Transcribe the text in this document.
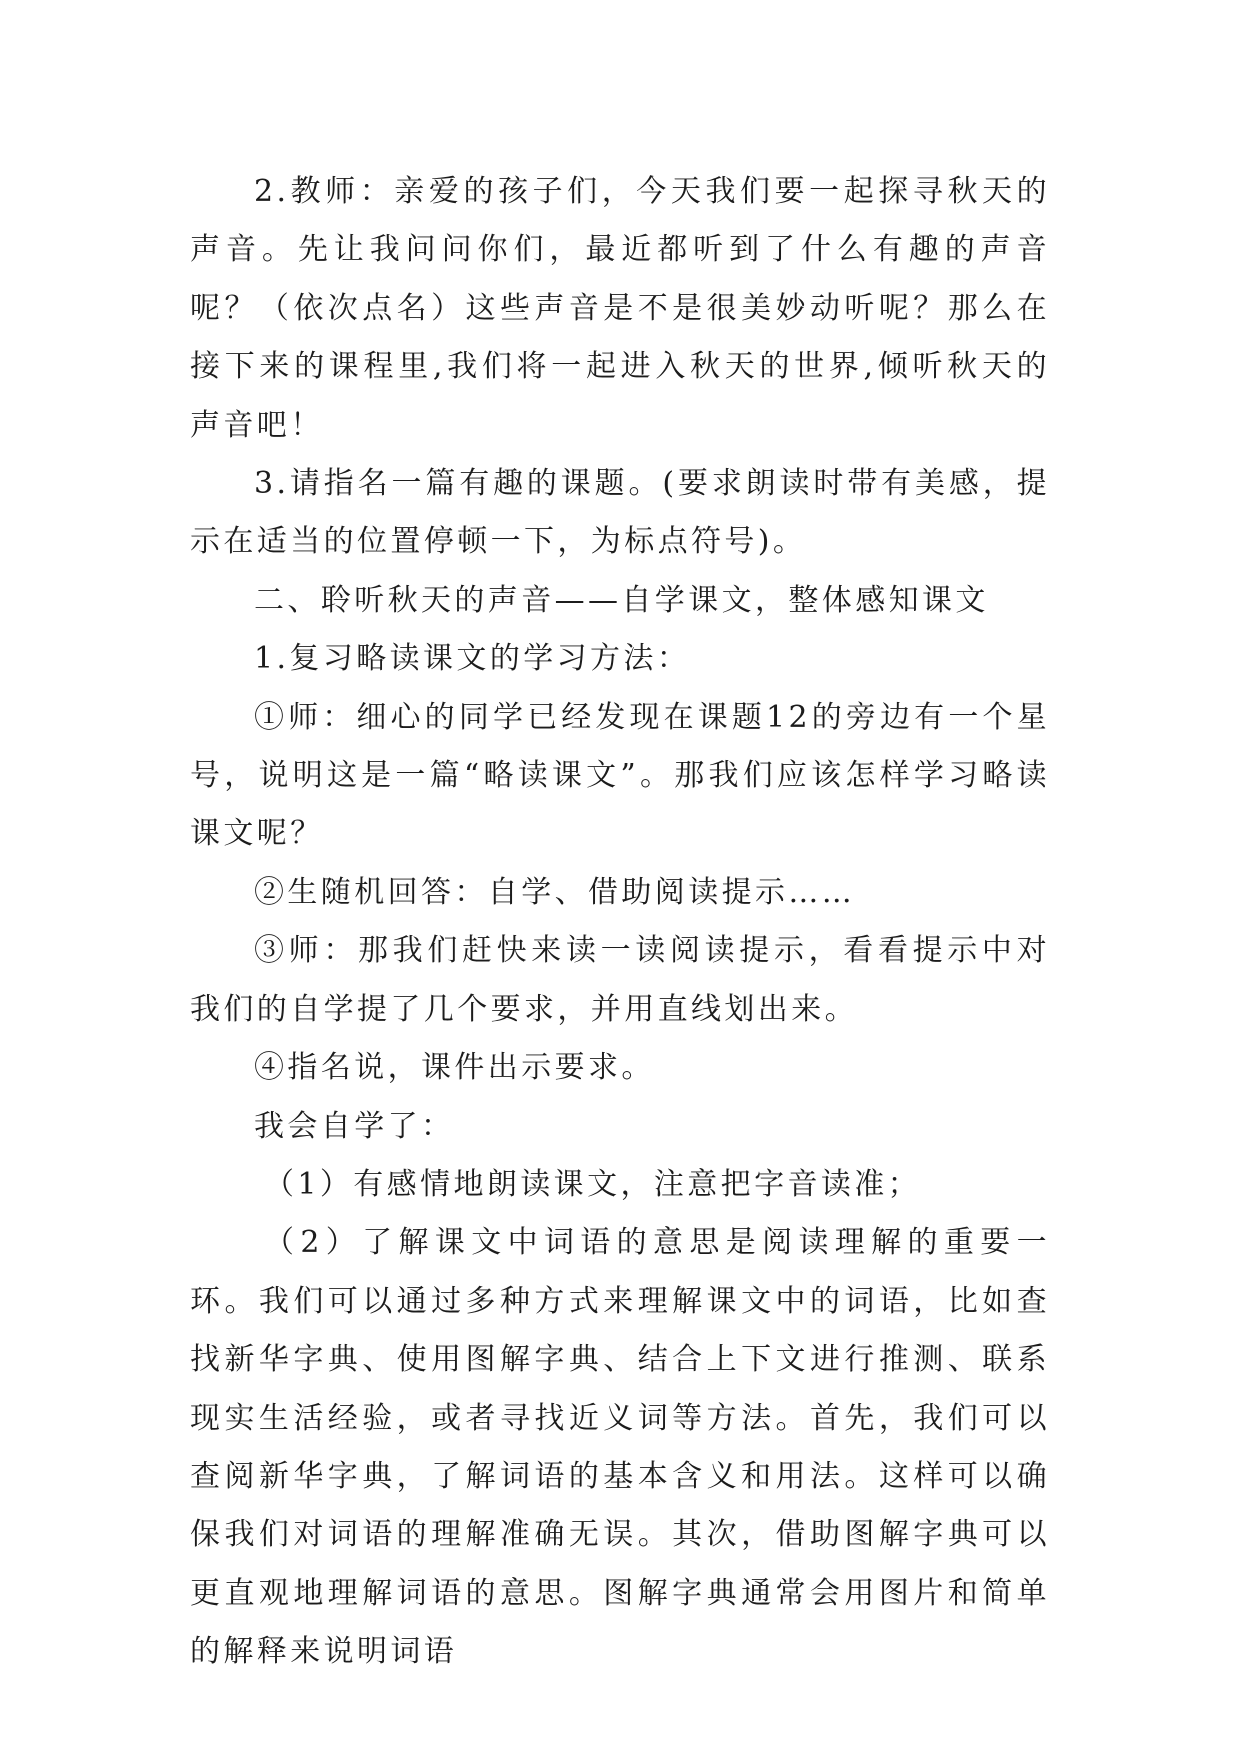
2.教师：亲爱的孩子们，今天我们要一起探寻秋天的声音。先让我问问你们，最近都听到了什么有趣的声音呢？（依次点名）这些声音是不是很美妙动听呢？那么在接下来的课程里,我们将一起进入秋天的世界,倾听秋天的声音吧！

3.请指名一篇有趣的课题。(要求朗读时带有美感，提示在适当的位置停顿一下，为标点符号)。

二、聆听秋天的声音——自学课文，整体感知课文

1.复习略读课文的学习方法：

①师：细心的同学已经发现在课题12的旁边有一个星号，说明这是一篇“略读课文”。那我们应该怎样学习略读课文呢？

②生随机回答：自学、借助阅读提示……

③师：那我们赶快来读一读阅读提示，看看提示中对我们的自学提了几个要求，并用直线划出来。

④指名说，课件出示要求。

我会自学了：

（1）有感情地朗读课文，注意把字音读准；

（2）了解课文中词语的意思是阅读理解的重要一环。我们可以通过多种方式来理解课文中的词语，比如查找新华字典、使用图解字典、结合上下文进行推测、联系现实生活经验，或者寻找近义词等方法。首先，我们可以查阅新华字典，了解词语的基本含义和用法。这样可以确保我们对词语的理解准确无误。其次，借助图解字典可以更直观地理解词语的意思。图解字典通常会用图片和简单的解释来说明词语
